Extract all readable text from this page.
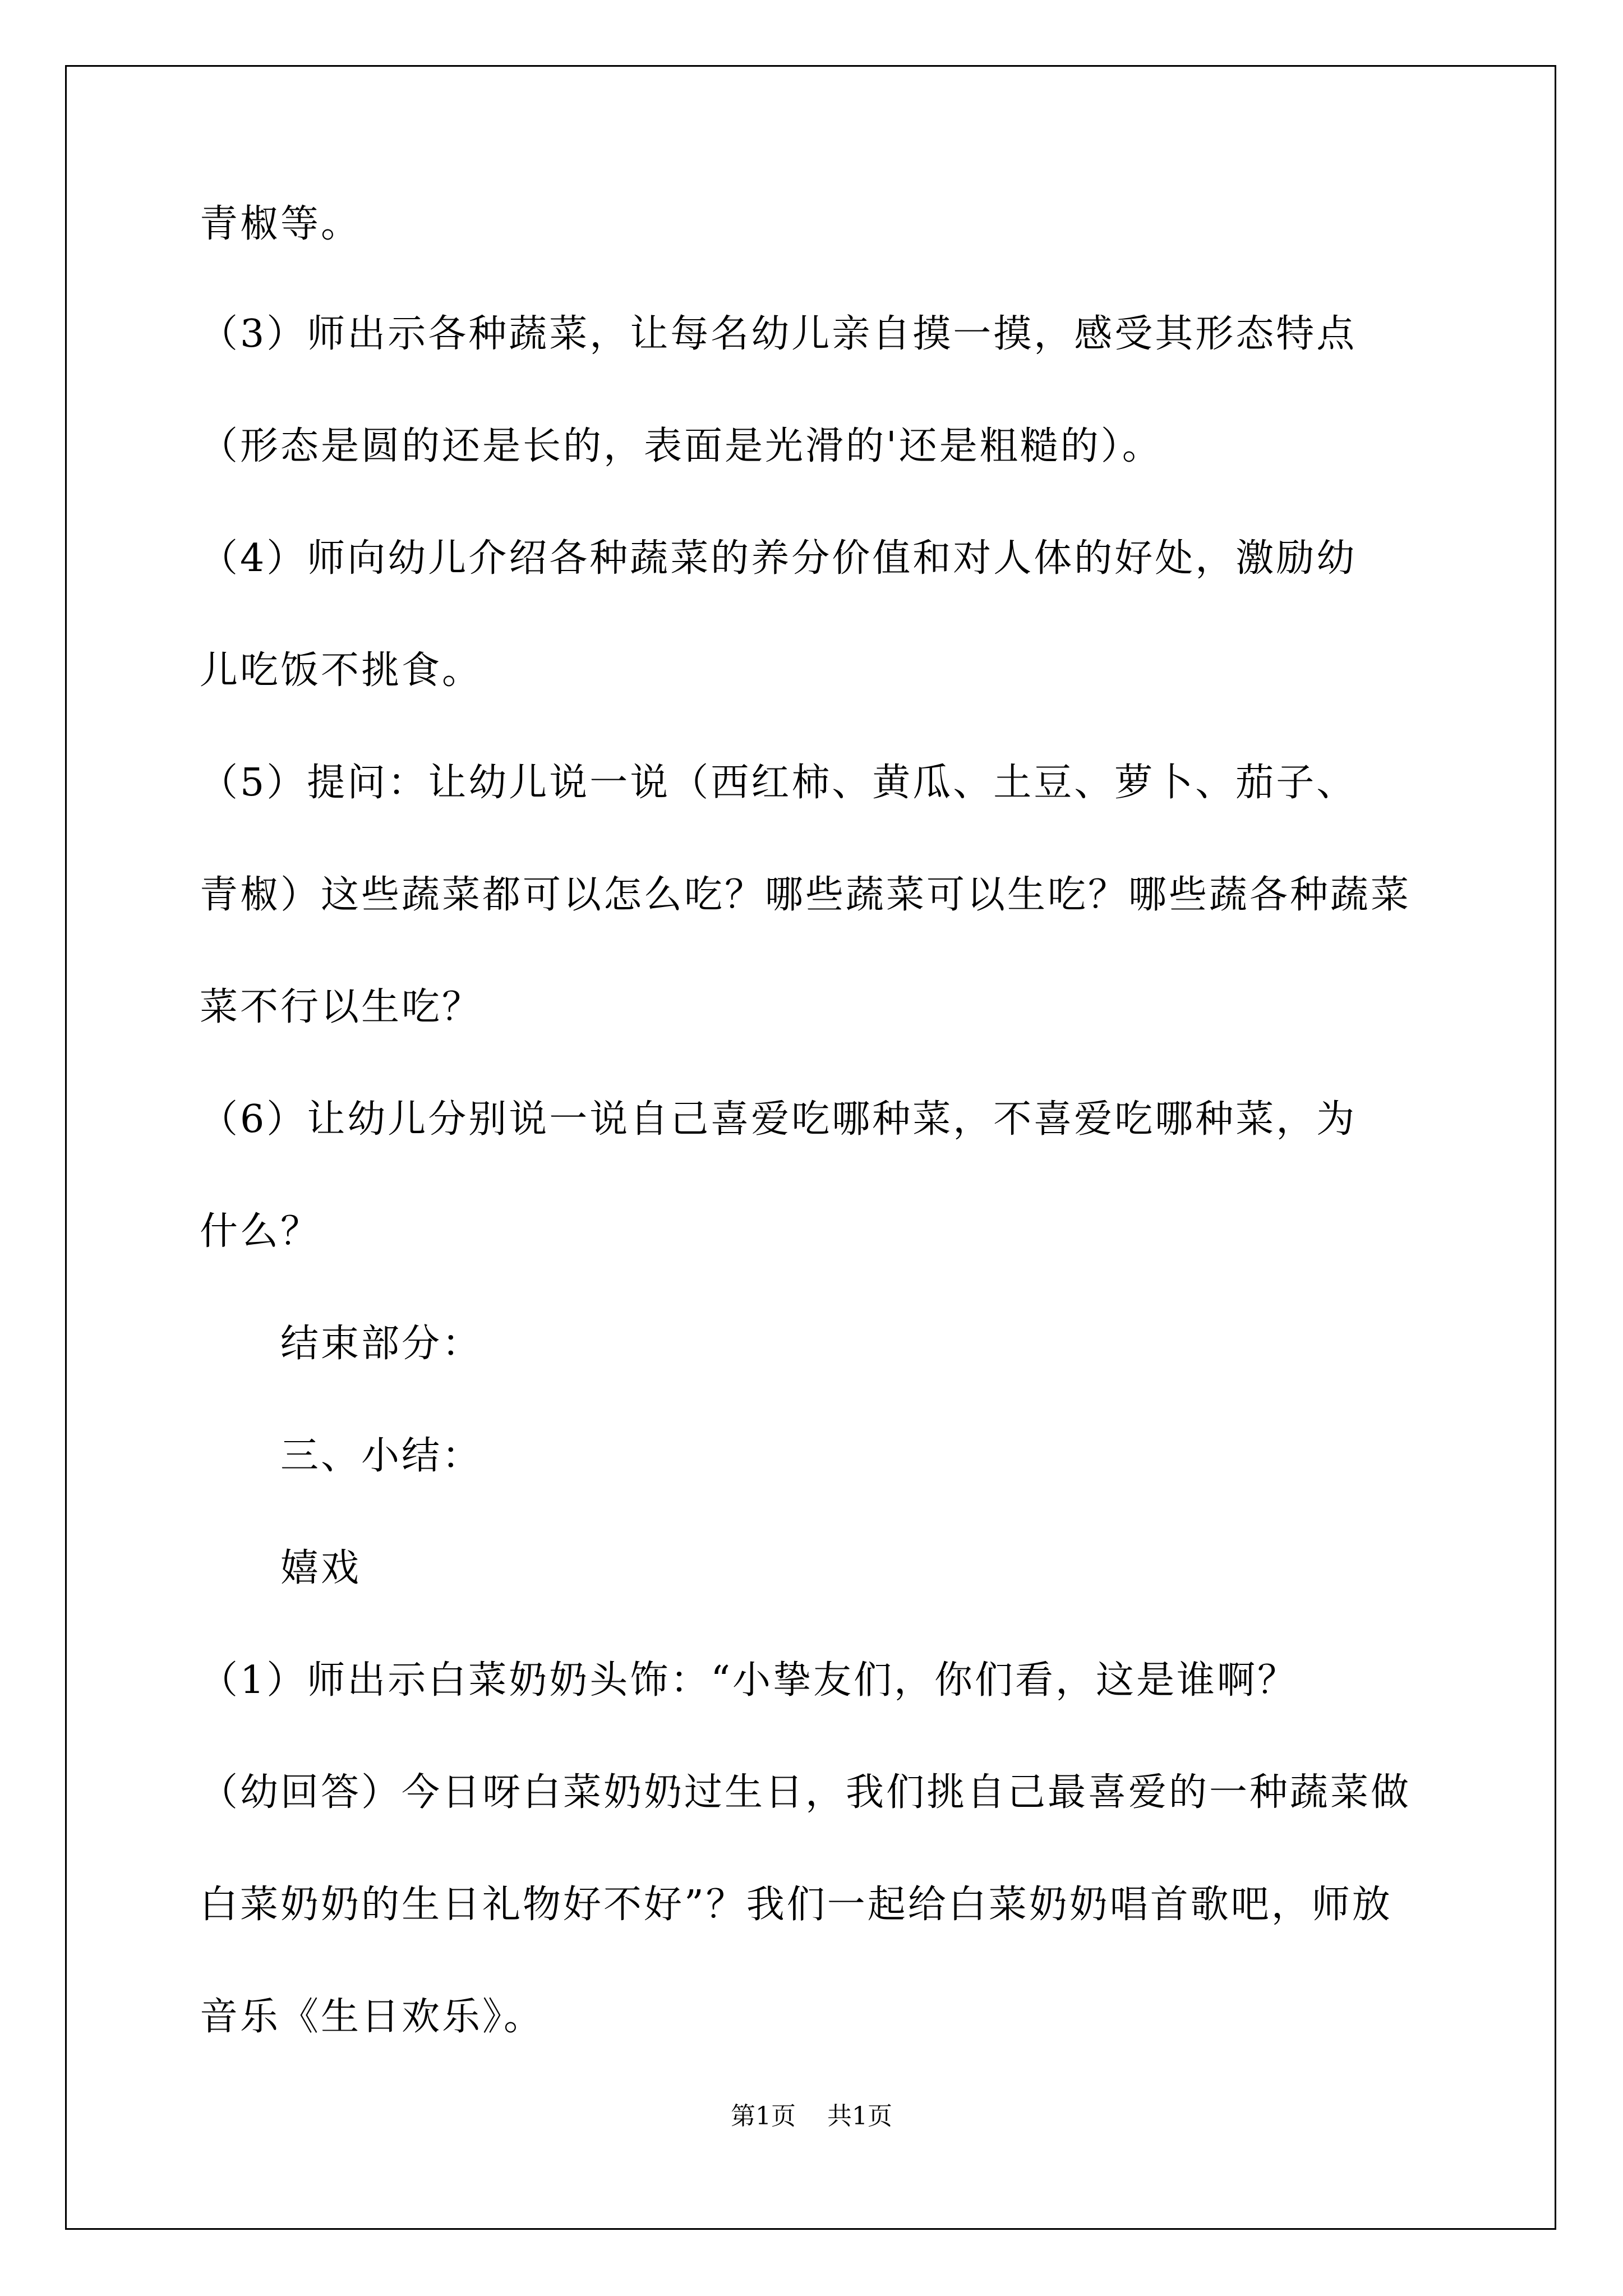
青椒等。
（3）师出示各种蔬菜，让每名幼儿亲自摸一摸，感受其形态特点
（形态是圆的还是长的，表面是光滑的'还是粗糙的）。
（4）师向幼儿介绍各种蔬菜的养分价值和对人体的好处，激励幼
儿吃饭不挑食。
（5）提问：让幼儿说一说（西红柿、黄瓜、土豆、萝卜、茄子、
青椒）这些蔬菜都可以怎么吃？哪些蔬菜可以生吃？哪些蔬各种蔬菜
菜不行以生吃？
（6）让幼儿分别说一说自己喜爱吃哪种菜，不喜爱吃哪种菜，为
什么？
结束部分：
三、小结：
嬉戏
（1）师出示白菜奶奶头饰：“小挚友们，你们看，这是谁啊？
（幼回答）今日呀白菜奶奶过生日，我们挑自己最喜爱的一种蔬菜做
白菜奶奶的生日礼物好不好”？我们一起给白菜奶奶唱首歌吧，师放
音乐《生日欢乐》。
第1页 共1页
